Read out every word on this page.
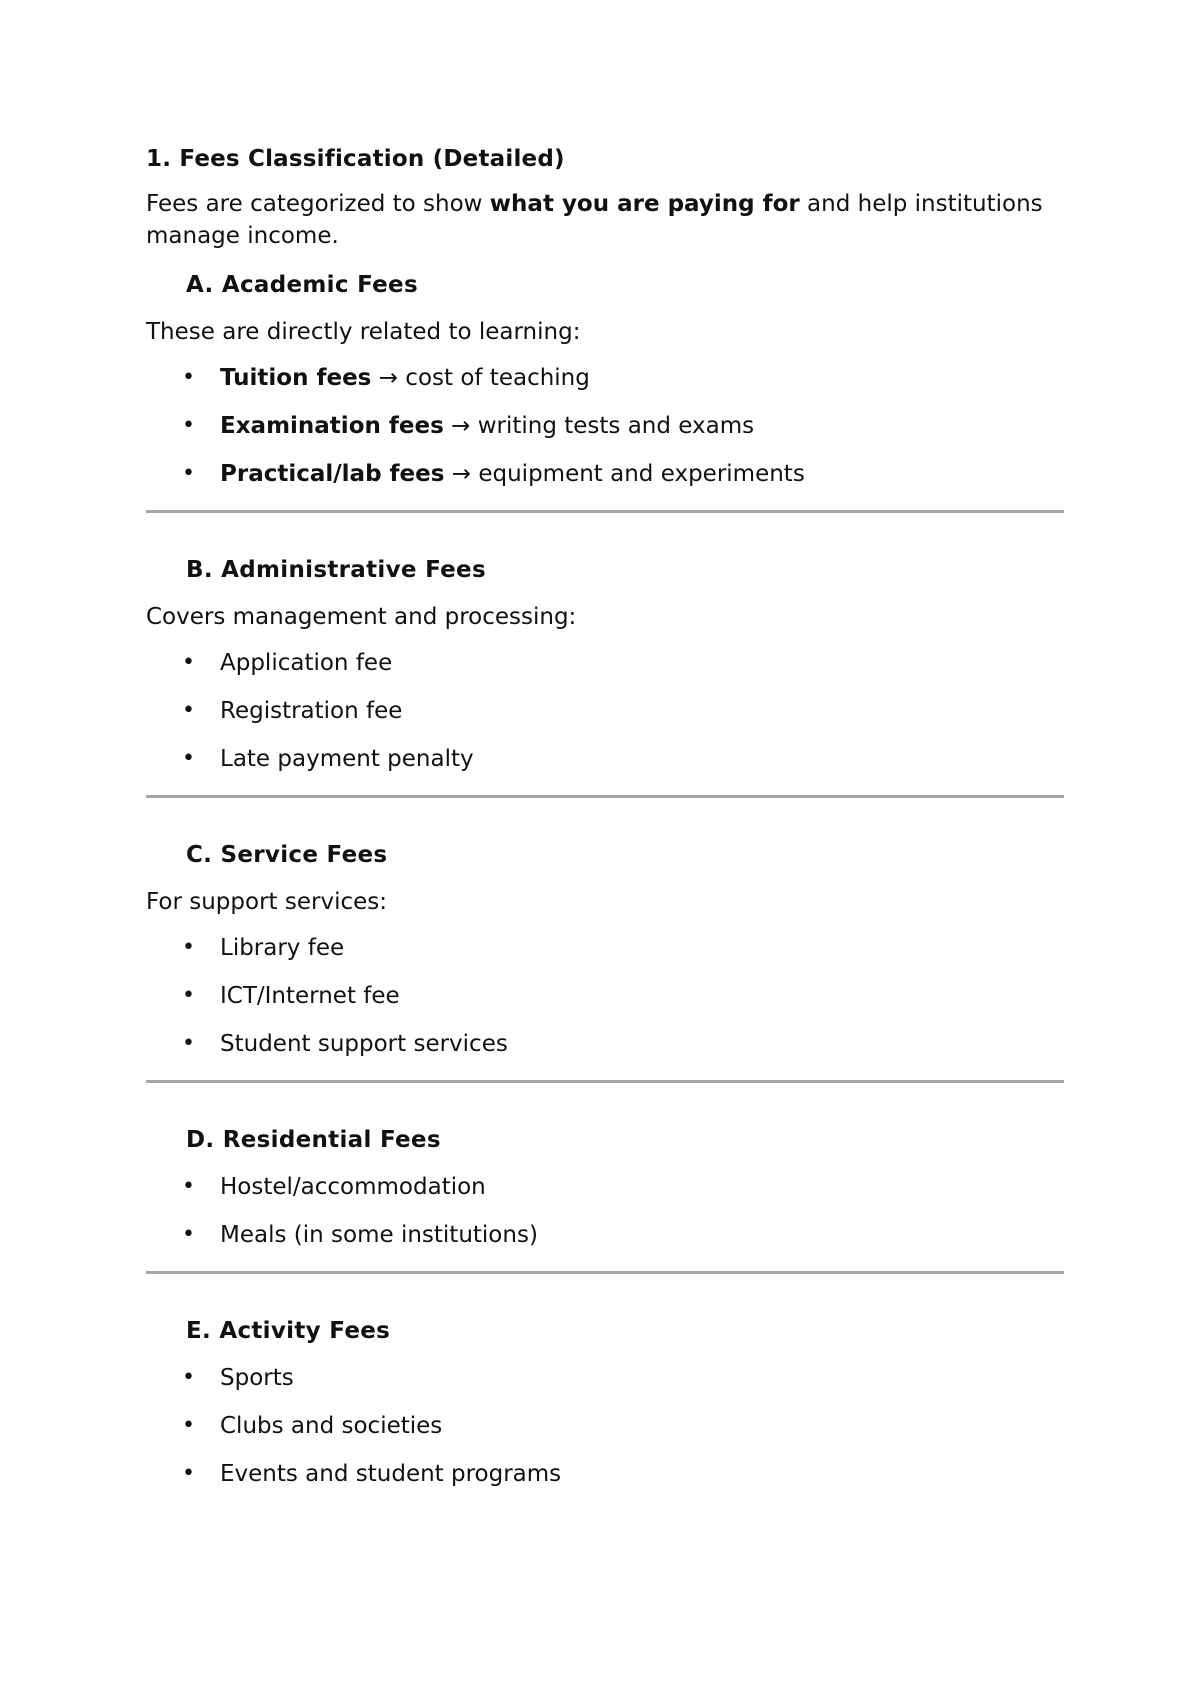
1. Fees Classification (Detailed)
Fees are categorized to show what you are paying for and help institutions manage income.
A. Academic Fees
These are directly related to learning:
• Tuition fees → cost of teaching
• Examination fees → writing tests and exams
• Practical/lab fees → equipment and experiments
B. Administrative Fees
Covers management and processing:
• Application fee
• Registration fee
• Late payment penalty
C. Service Fees
For support services:
• Library fee
• ICT/Internet fee
• Student support services
D. Residential Fees
• Hostel/accommodation
• Meals (in some institutions)
E. Activity Fees
• Sports
• Clubs and societies
• Events and student programs
